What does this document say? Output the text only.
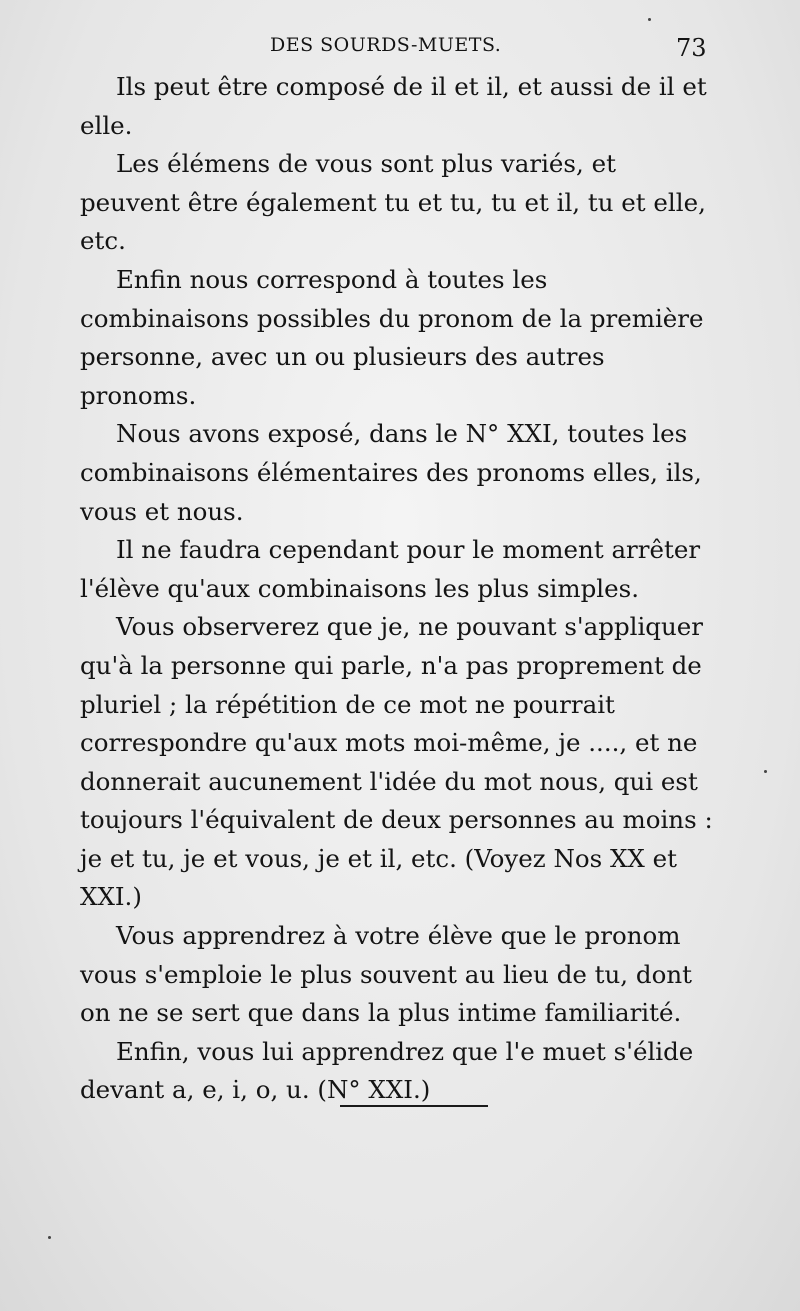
DES SOURDS-MUETS.	73

Ils peut être composé de il et il, et aussi de il et elle.

Les élémens de vous sont plus variés, et peuvent être également tu et tu, tu et il, tu et elle, etc.

Enfin nous correspond à toutes les combinaisons possibles du pronom de la première personne, avec un ou plusieurs des autres pronoms.

Nous avons exposé, dans le N° XXI, toutes les combinaisons élémentaires des pronoms elles, ils, vous et nous.

Il ne faudra cependant pour le moment arrêter l'élève qu'aux combinaisons les plus simples.

Vous observerez que je, ne pouvant s'appliquer qu'à la personne qui parle, n'a pas proprement de pluriel ; la répétition de ce mot ne pourrait correspondre qu'aux mots moi-même, je ...., et ne donnerait aucunement l'idée du mot nous, qui est toujours l'équivalent de deux personnes au moins : je et tu, je et vous, je et il, etc. (Voyez Nos XX et XXI.)

Vous apprendrez à votre élève que le pronom vous s'emploie le plus souvent au lieu de tu, dont on ne se sert que dans la plus intime familiarité.

Enfin, vous lui apprendrez que l'e muet s'élide devant a, e, i, o, u. (N° XXI.)
